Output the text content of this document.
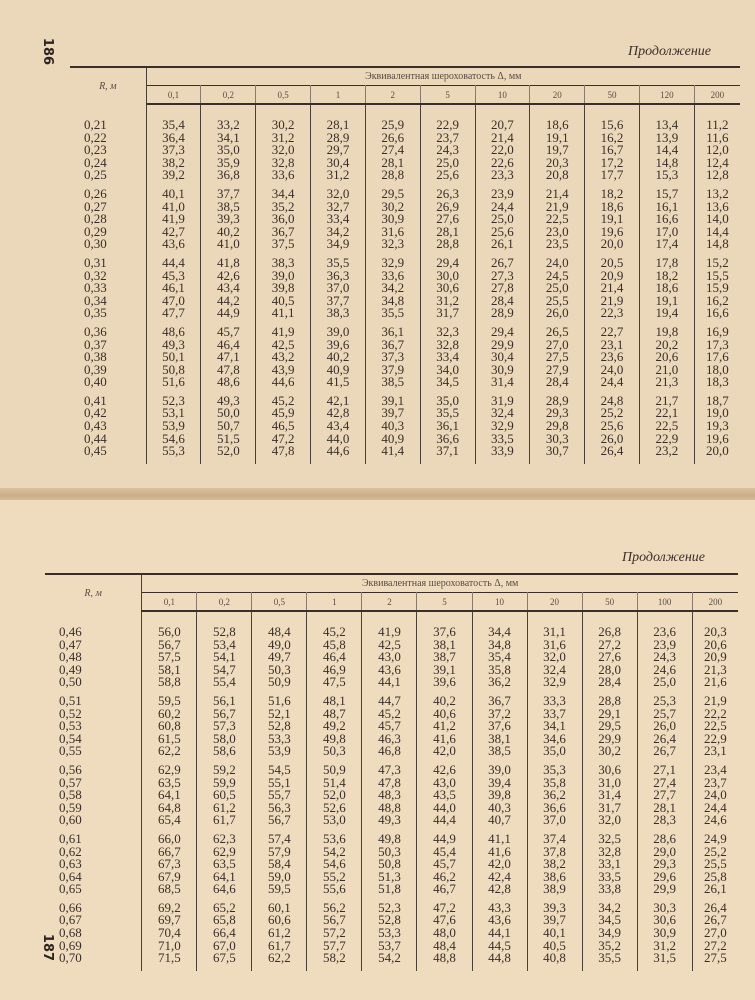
186	Продолжение
R, м	Эквивалентная шероховатость Δ, мм										
	0,1	0,2	0,5	1	2	5	10	20	50	120	200
0,21	35,4	33,2	30,2	28,1	25,9	22,9	20,7	18,6	15,6	13,4	11,2
0,22	36,4	34,1	31,2	28,9	26,6	23,7	21,4	19,1	16,2	13,9	11,6
0,23	37,3	35,0	32,0	29,7	27,4	24,3	22,0	19,7	16,7	14,4	12,0
0,24	38,2	35,9	32,8	30,4	28,1	25,0	22,6	20,3	17,2	14,8	12,4
0,25	39,2	36,8	33,6	31,2	28,8	25,6	23,3	20,8	17,7	15,3	12,8
0,26	40,1	37,7	34,4	32,0	29,5	26,3	23,9	21,4	18,2	15,7	13,2
0,27	41,0	38,5	35,2	32,7	30,2	26,9	24,4	21,9	18,6	16,1	13,6
0,28	41,9	39,3	36,0	33,4	30,9	27,6	25,0	22,5	19,1	16,6	14,0
0,29	42,7	40,2	36,7	34,2	31,6	28,1	25,6	23,0	19,6	17,0	14,4
0,30	43,6	41,0	37,5	34,9	32,3	28,8	26,1	23,5	20,0	17,4	14,8
0,31	44,4	41,8	38,3	35,5	32,9	29,4	26,7	24,0	20,5	17,8	15,2
0,32	45,3	42,6	39,0	36,3	33,6	30,0	27,3	24,5	20,9	18,2	15,5
0,33	46,1	43,4	39,8	37,0	34,2	30,6	27,8	25,0	21,4	18,6	15,9
0,34	47,0	44,2	40,5	37,7	34,8	31,2	28,4	25,5	21,9	19,1	16,2
0,35	47,7	44,9	41,1	38,3	35,5	31,7	28,9	26,0	22,3	19,4	16,6
0,36	48,6	45,7	41,9	39,0	36,1	32,3	29,4	26,5	22,7	19,8	16,9
0,37	49,3	46,4	42,5	39,6	36,7	32,8	29,9	27,0	23,1	20,2	17,3
0,38	50,1	47,1	43,2	40,2	37,3	33,4	30,4	27,5	23,6	20,6	17,6
0,39	50,8	47,8	43,9	40,9	37,9	34,0	30,9	27,9	24,0	21,0	18,0
0,40	51,6	48,6	44,6	41,5	38,5	34,5	31,4	28,4	24,4	21,3	18,3
0,41	52,3	49,3	45,2	42,1	39,1	35,0	31,9	28,9	24,8	21,7	18,7
0,42	53,1	50,0	45,9	42,8	39,7	35,5	32,4	29,3	25,2	22,1	19,0
0,43	53,9	50,7	46,5	43,4	40,3	36,1	32,9	29,8	25,6	22,5	19,3
0,44	54,6	51,5	47,2	44,0	40,9	36,6	33,5	30,3	26,0	22,9	19,6
0,45	55,3	52,0	47,8	44,6	41,4	37,1	33,9	30,7	26,4	23,2	20,0
187
Продолжение
R, м	Эквивалентная шероховатость Δ, мм										
	0,1	0,2	0,5	1	2	5	10	20	50	100	200
0,46	56,0	52,8	48,4	45,2	41,9	37,6	34,4	31,1	26,8	23,6	20,3
0,47	56,7	53,4	49,0	45,8	42,5	38,1	34,8	31,6	27,2	23,9	20,6
0,48	57,5	54,1	49,7	46,4	43,0	38,7	35,4	32,0	27,6	24,3	20,9
0,49	58,1	54,7	50,3	46,9	43,6	39,1	35,8	32,4	28,0	24,6	21,3
0,50	58,8	55,4	50,9	47,5	44,1	39,6	36,2	32,9	28,4	25,0	21,6
0,51	59,5	56,1	51,6	48,1	44,7	40,2	36,7	33,3	28,8	25,3	21,9
0,52	60,2	56,7	52,1	48,7	45,2	40,6	37,2	33,7	29,1	25,7	22,2
0,53	60,8	57,3	52,8	49,2	45,7	41,2	37,6	34,1	29,5	26,0	22,5
0,54	61,5	58,0	53,3	49,8	46,3	41,6	38,1	34,6	29,9	26,4	22,9
0,55	62,2	58,6	53,9	50,3	46,8	42,0	38,5	35,0	30,2	26,7	23,1
0,56	62,9	59,2	54,5	50,9	47,3	42,6	39,0	35,3	30,6	27,1	23,4
0,57	63,5	59,9	55,1	51,4	47,8	43,0	39,4	35,8	31,0	27,4	23,7
0,58	64,1	60,5	55,7	52,0	48,3	43,5	39,8	36,2	31,4	27,7	24,0
0,59	64,8	61,2	56,3	52,6	48,8	44,0	40,3	36,6	31,7	28,1	24,4
0,60	65,4	61,7	56,7	53,0	49,3	44,4	40,7	37,0	32,0	28,3	24,6
0,61	66,0	62,3	57,4	53,6	49,8	44,9	41,1	37,4	32,5	28,6	24,9
0,62	66,7	62,9	57,9	54,2	50,3	45,4	41,6	37,8	32,8	29,0	25,2
0,63	67,3	63,5	58,4	54,6	50,8	45,7	42,0	38,2	33,1	29,3	25,5
0,64	67,9	64,1	59,0	55,2	51,3	46,2	42,4	38,6	33,5	29,6	25,8
0,65	68,5	64,6	59,5	55,6	51,8	46,7	42,8	38,9	33,8	29,9	26,1
0,66	69,2	65,2	60,1	56,2	52,3	47,2	43,3	39,3	34,2	30,3	26,4
0,67	69,7	65,8	60,6	56,7	52,8	47,6	43,6	39,7	34,5	30,6	26,7
0,68	70,4	66,4	61,2	57,2	53,3	48,0	44,1	40,1	34,9	30,9	27,0
0,69	71,0	67,0	61,7	57,7	53,7	48,4	44,5	40,5	35,2	31,2	27,2
0,70	71,5	67,5	62,2	58,2	54,2	48,8	44,8	40,8	35,5	31,5	27,5
